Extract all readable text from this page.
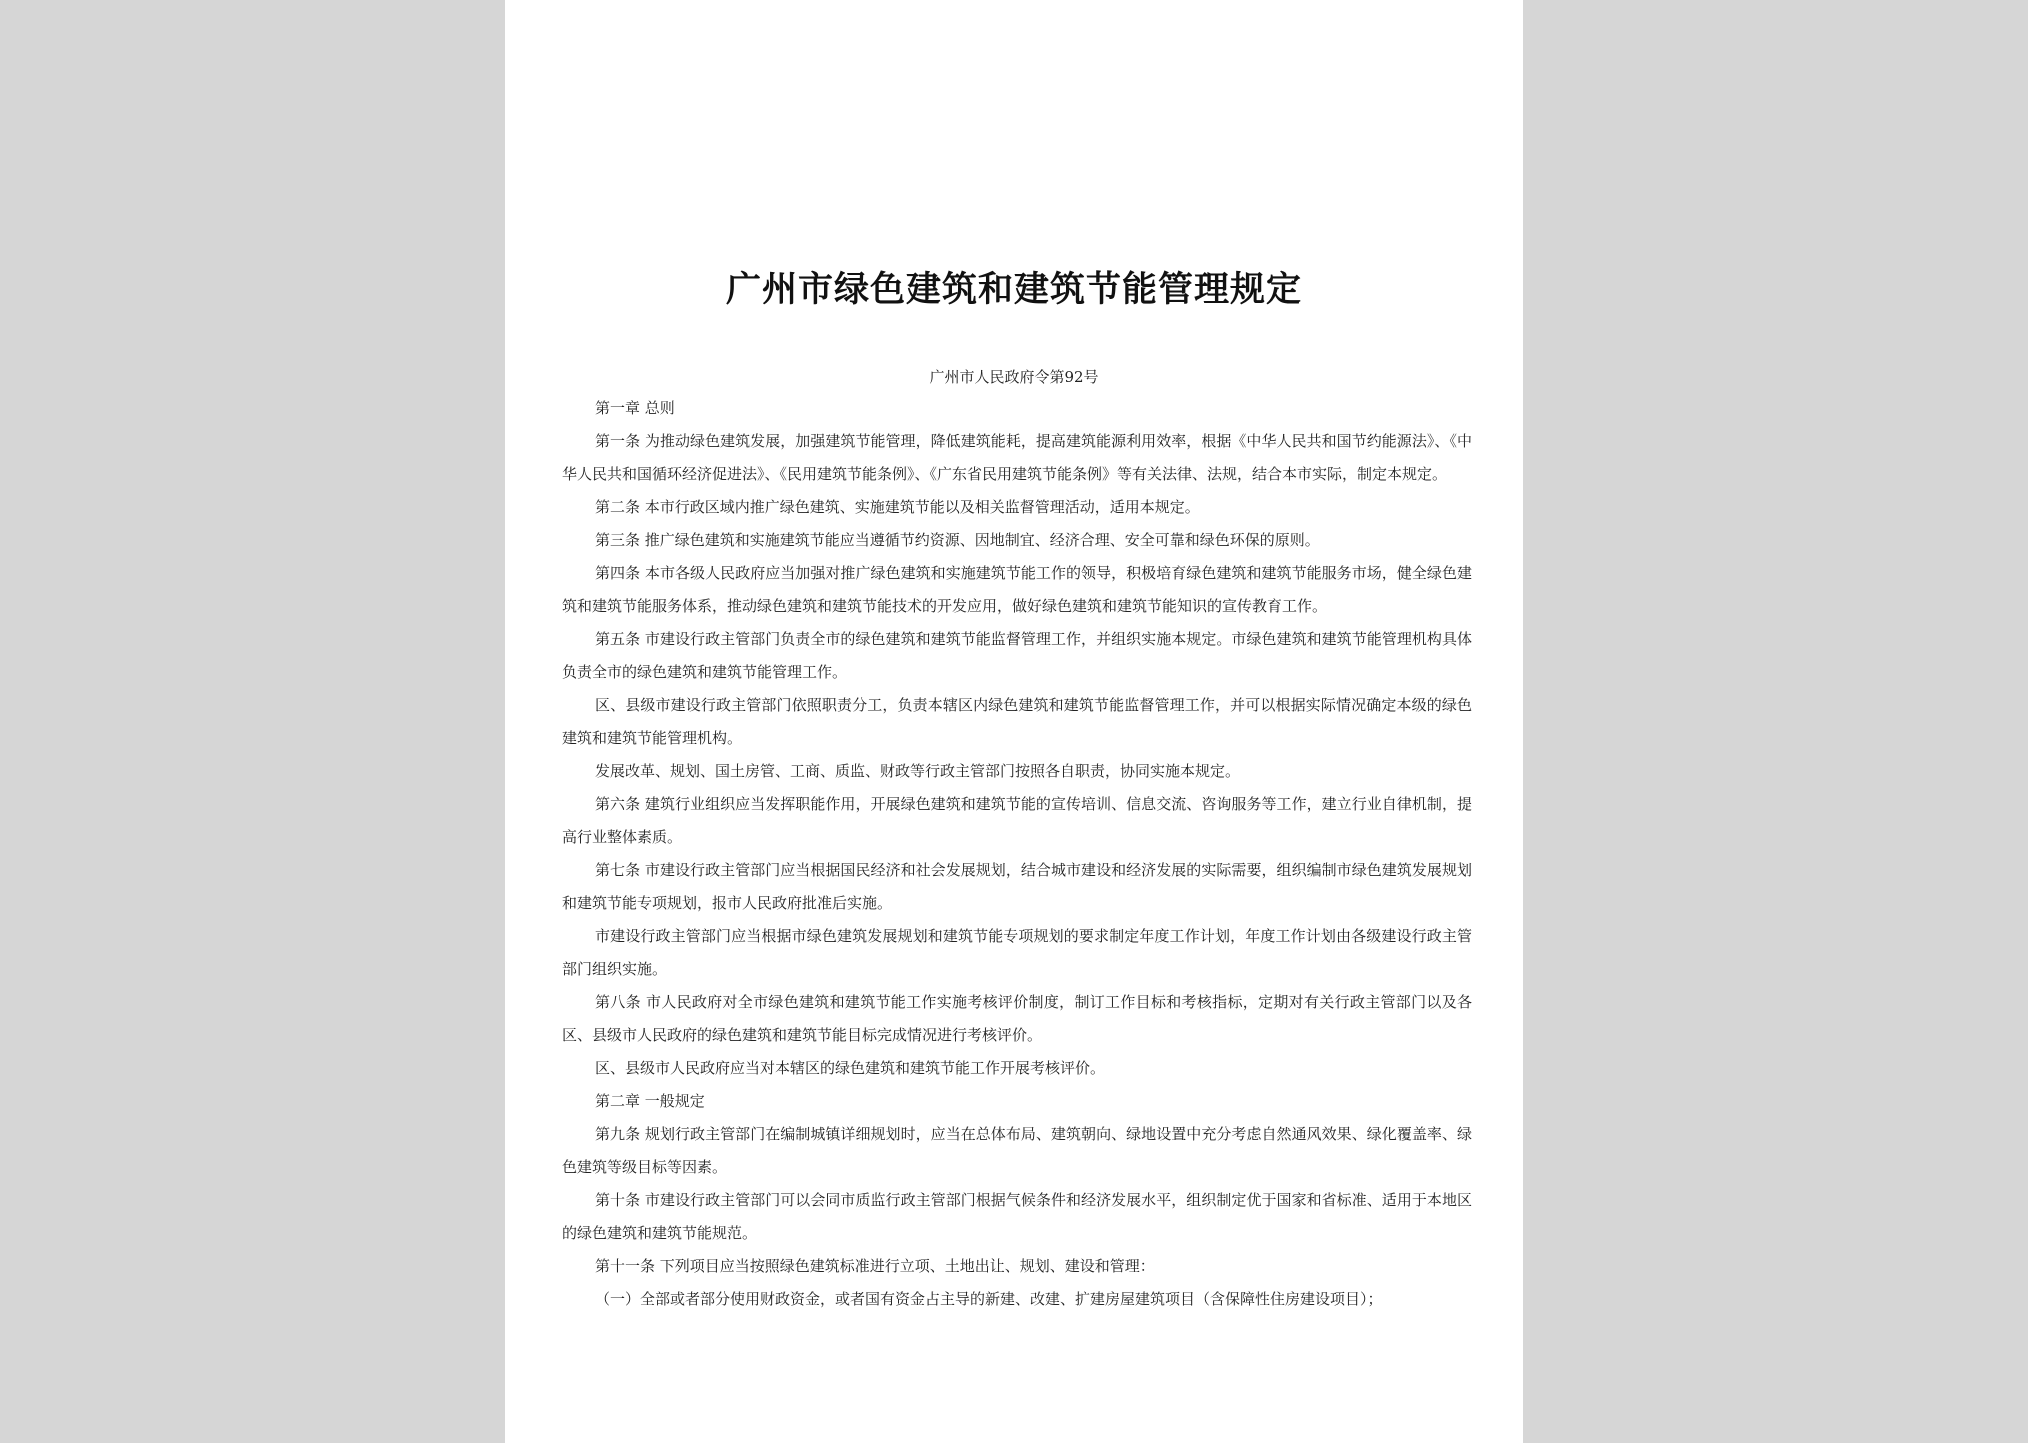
广州市绿色建筑和建筑节能管理规定
广州市人民政府令第92号

第一章 总则

第一条 为推动绿色建筑发展，加强建筑节能管理，降低建筑能耗，提高建筑能源利用效率，根据《中华人民共和国节约能源法》、《中华人民共和国循环经济促进法》、《民用建筑节能条例》、《广东省民用建筑节能条例》等有关法律、法规，结合本市实际，制定本规定。

第二条 本市行政区域内推广绿色建筑、实施建筑节能以及相关监督管理活动，适用本规定。

第三条 推广绿色建筑和实施建筑节能应当遵循节约资源、因地制宜、经济合理、安全可靠和绿色环保的原则。

第四条 本市各级人民政府应当加强对推广绿色建筑和实施建筑节能工作的领导，积极培育绿色建筑和建筑节能服务市场，健全绿色建筑和建筑节能服务体系，推动绿色建筑和建筑节能技术的开发应用，做好绿色建筑和建筑节能知识的宣传教育工作。

第五条 市建设行政主管部门负责全市的绿色建筑和建筑节能监督管理工作，并组织实施本规定。市绿色建筑和建筑节能管理机构具体负责全市的绿色建筑和建筑节能管理工作。

区、县级市建设行政主管部门依照职责分工，负责本辖区内绿色建筑和建筑节能监督管理工作，并可以根据实际情况确定本级的绿色建筑和建筑节能管理机构。

发展改革、规划、国土房管、工商、质监、财政等行政主管部门按照各自职责，协同实施本规定。

第六条 建筑行业组织应当发挥职能作用，开展绿色建筑和建筑节能的宣传培训、信息交流、咨询服务等工作，建立行业自律机制，提高行业整体素质。

第七条 市建设行政主管部门应当根据国民经济和社会发展规划，结合城市建设和经济发展的实际需要，组织编制市绿色建筑发展规划和建筑节能专项规划，报市人民政府批准后实施。

市建设行政主管部门应当根据市绿色建筑发展规划和建筑节能专项规划的要求制定年度工作计划，年度工作计划由各级建设行政主管部门组织实施。

第八条 市人民政府对全市绿色建筑和建筑节能工作实施考核评价制度，制订工作目标和考核指标，定期对有关行政主管部门以及各区、县级市人民政府的绿色建筑和建筑节能目标完成情况进行考核评价。

区、县级市人民政府应当对本辖区的绿色建筑和建筑节能工作开展考核评价。

第二章 一般规定

第九条 规划行政主管部门在编制城镇详细规划时，应当在总体布局、建筑朝向、绿地设置中充分考虑自然通风效果、绿化覆盖率、绿色建筑等级目标等因素。

第十条 市建设行政主管部门可以会同市质监行政主管部门根据气候条件和经济发展水平，组织制定优于国家和省标准、适用于本地区的绿色建筑和建筑节能规范。

第十一条 下列项目应当按照绿色建筑标准进行立项、土地出让、规划、建设和管理：

（一）全部或者部分使用财政资金，或者国有资金占主导的新建、改建、扩建房屋建筑项目（含保障性住房建设项目）；
